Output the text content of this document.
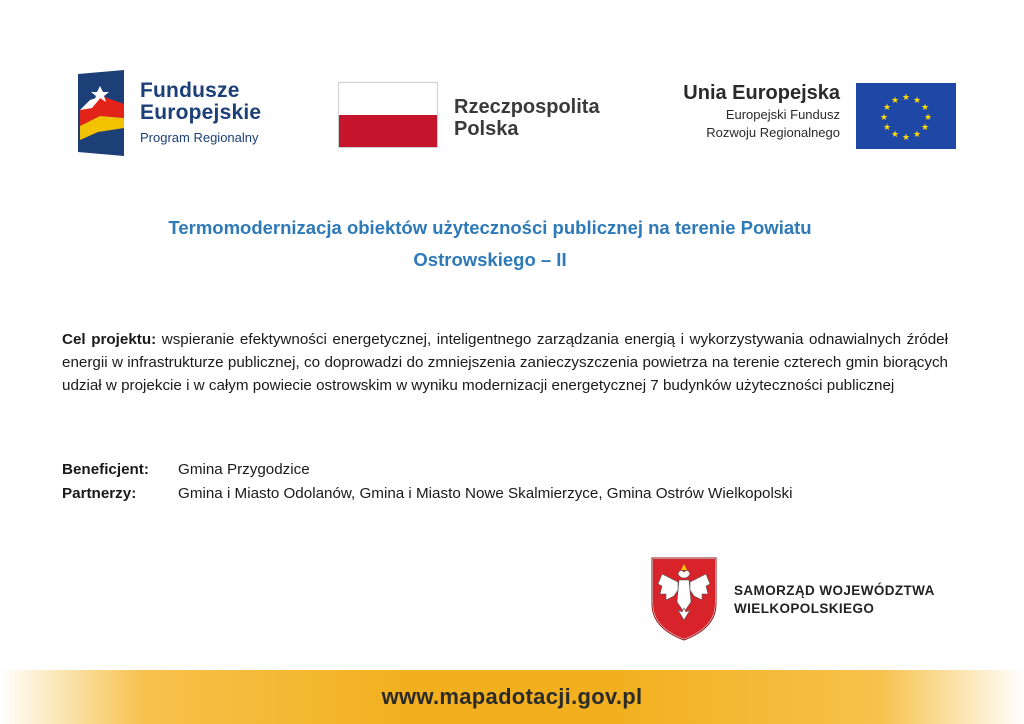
Fundusze
Europejskie
Program Regionalny
Rzeczpospolita
Polska
Unia Europejska
Europejski Fundusz
Rozwoju Regionalnego
★ ★
★
★
★
★
★
★
★
★
★
★
Termomodernizacja obiektów użyteczności publicznej na terenie Powiatu
Ostrowskiego – II
Cel projektu: wspieranie efektywności energetycznej, inteligentnego zarządzania energią i wykorzystywania odnawialnych źródeł energii w infrastrukturze publicznej, co doprowadzi do zmniejszenia zanieczyszczenia powietrza na terenie czterech gmin biorących udział w projekcie i w całym powiecie ostrowskim w wyniku modernizacji energetycznej 7 budynków użyteczności publicznej
Beneficjent:	Gmina Przygodzice
Partnerzy:	Gmina i Miasto Odolanów, Gmina i Miasto Nowe Skalmierzyce, Gmina Ostrów Wielkopolski
SAMORZĄD WOJEWÓDZTWA
WIELKOPOLSKIEGO
www.mapadotacji.gov.pl
